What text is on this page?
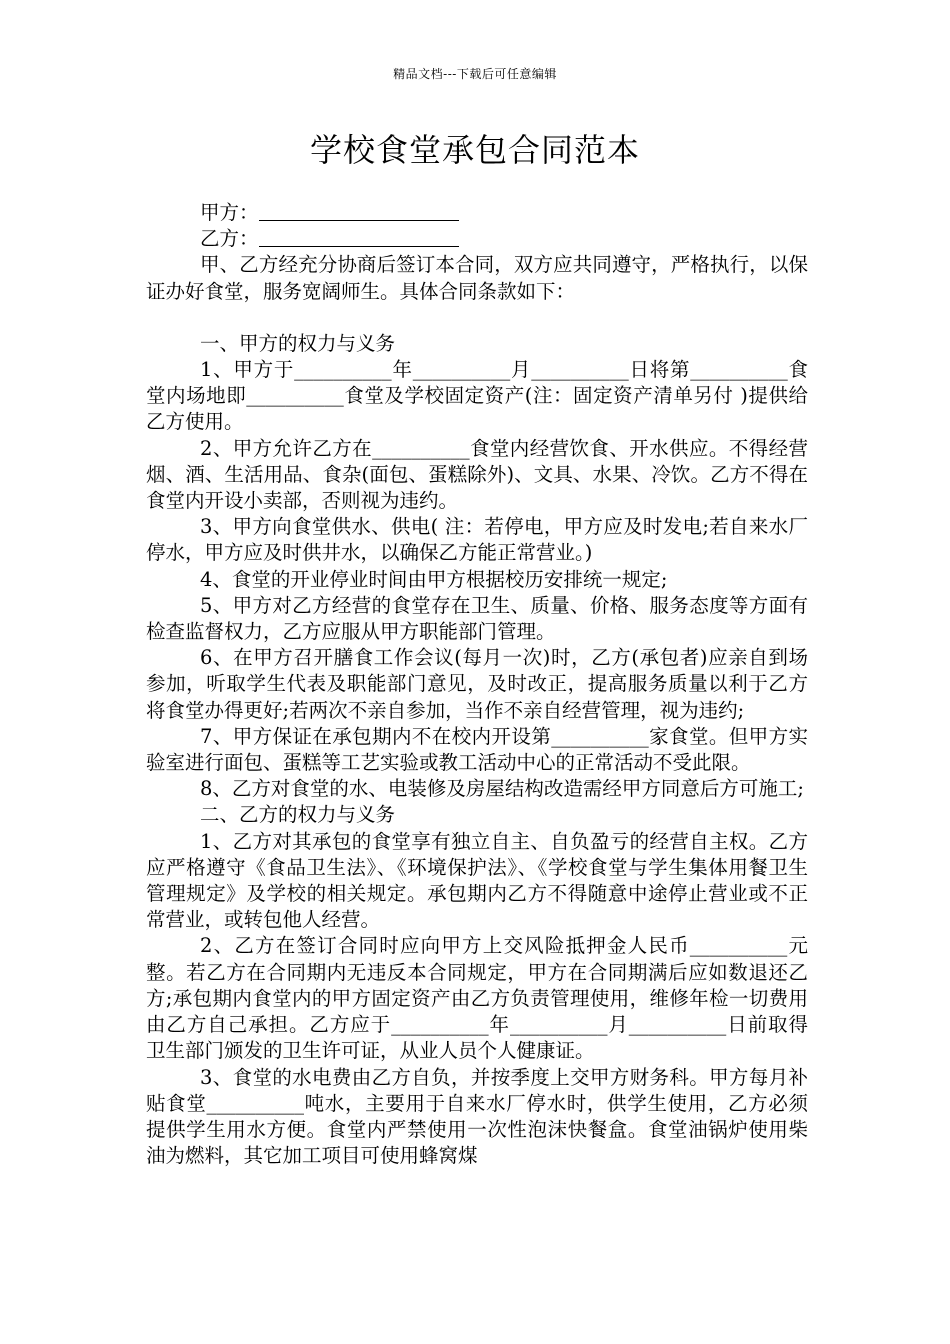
精品文档---下载后可任意编辑
学校食堂承包合同范本
甲方：
乙方：

甲、乙方经充分协商后签订本合同，双方应共同遵守，严格执行，以保证办好食堂，服务宽阔师生。具体合同条款如下：

一、甲方的权力与义务

1、甲方于__________年__________月__________日将第__________食堂内场地即__________食堂及学校固定资产(注：固定资产清单另付 )提供给乙方使用。

2、甲方允许乙方在__________食堂内经营饮食、开水供应。不得经营烟、酒、生活用品、食杂(面包、蛋糕除外)、文具、水果、冷饮。乙方不得在食堂内开设小卖部，否则视为违约。

3、甲方向食堂供水、供电( 注：若停电，甲方应及时发电;若自来水厂停水，甲方应及时供井水，以确保乙方能正常营业。)

4、食堂的开业停业时间由甲方根据校历安排统一规定;

5、甲方对乙方经营的食堂存在卫生、质量、价格、服务态度等方面有检查监督权力，乙方应服从甲方职能部门管理。

6、在甲方召开膳食工作会议(每月一次)时，乙方(承包者)应亲自到场参加，听取学生代表及职能部门意见，及时改正，提高服务质量以利于乙方将食堂办得更好;若两次不亲自参加，当作不亲自经营管理，视为违约;

7、甲方保证在承包期内不在校内开设第__________家食堂。但甲方实验室进行面包、蛋糕等工艺实验或教工活动中心的正常活动不受此限。

8、乙方对食堂的水、电装修及房屋结构改造需经甲方同意后方可施工;

二、乙方的权力与义务

1、乙方对其承包的食堂享有独立自主、自负盈亏的经营自主权。乙方应严格遵守《食品卫生法》、《环境保护法》、《学校食堂与学生集体用餐卫生管理规定》及学校的相关规定。承包期内乙方不得随意中途停止营业或不正常营业，或转包他人经营。

2、乙方在签订合同时应向甲方上交风险抵押金人民币__________元整。若乙方在合同期内无违反本合同规定，甲方在合同期满后应如数退还乙方;承包期内食堂内的甲方固定资产由乙方负责管理使用，维修年检一切费用由乙方自己承担。乙方应于__________年__________月__________日前取得卫生部门颁发的卫生许可证，从业人员个人健康证。

3、食堂的水电费由乙方自负，并按季度上交甲方财务科。甲方每月补贴食堂__________吨水，主要用于自来水厂停水时，供学生使用，乙方必须提供学生用水方便。食堂内严禁使用一次性泡沫快餐盒。食堂油锅炉使用柴油为燃料，其它加工项目可使用蜂窝煤
